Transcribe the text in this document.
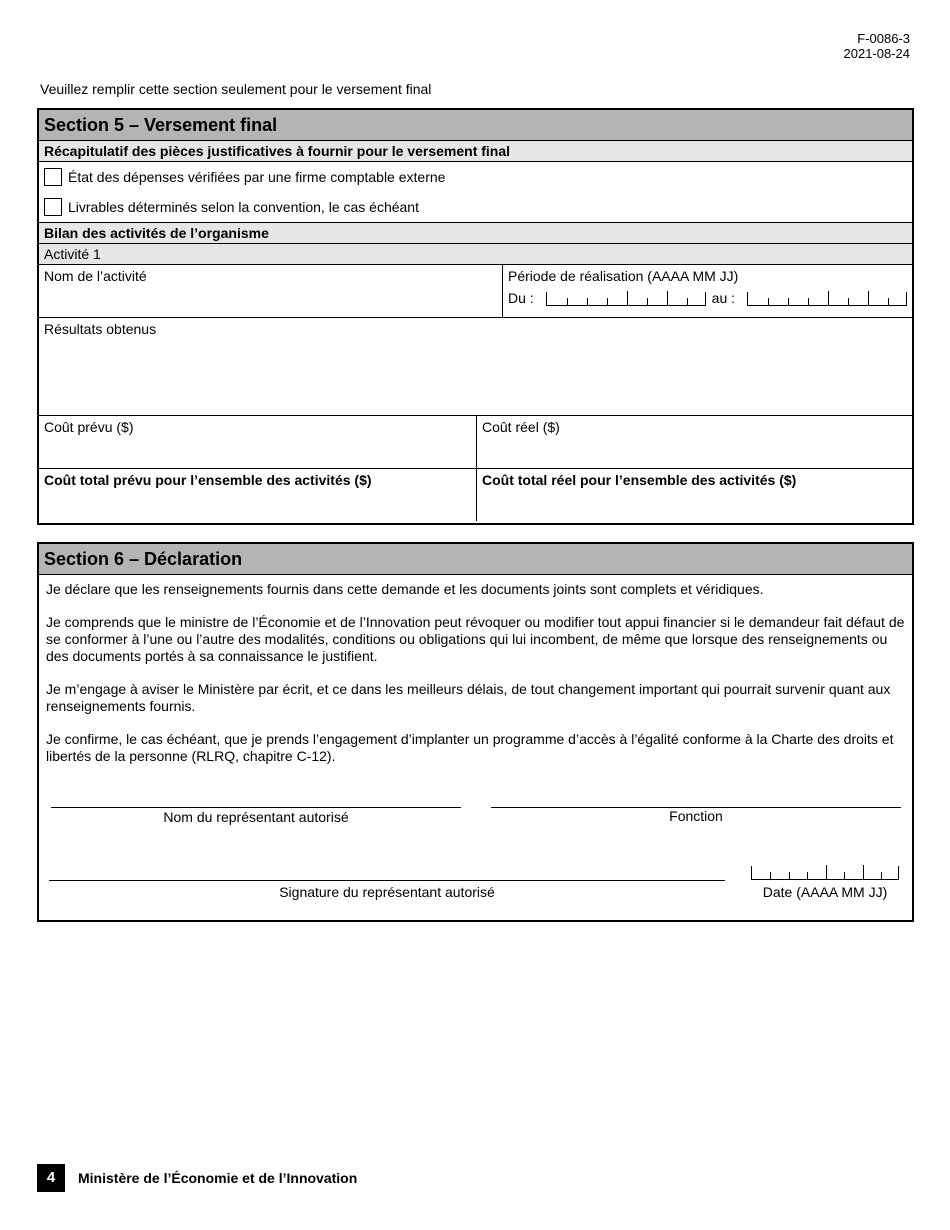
F-0086-3
2021-08-24
Veuillez remplir cette section seulement pour le versement final
Section 5 – Versement final
Récapitulatif des pièces justificatives à fournir pour le versement final
État des dépenses vérifiées par une firme comptable externe
Livrables déterminés selon la convention, le cas échéant
Bilan des activités de l’organisme
Activité 1
Nom de l’activité	Période de réalisation (AAAA MM JJ)
Du :	au :
Résultats obtenus
Coût prévu ($)	Coût réel ($)
Coût total prévu pour l’ensemble des activités ($)	Coût total réel pour l’ensemble des activités ($)
Section 6 – Déclaration

Je déclare que les renseignements fournis dans cette demande et les documents joints sont complets et véridiques.

Je comprends que le ministre de l’Économie et de l’Innovation peut révoquer ou modifier tout appui financier si le demandeur fait défaut de se conformer à l’une ou l’autre des modalités, conditions ou obligations qui lui incombent, de même que lorsque des renseignements ou des documents portés à sa connaissance le justifient.

Je m’engage à aviser le Ministère par écrit, et ce dans les meilleurs délais, de tout changement important qui pourrait survenir quant aux renseignements fournis.

Je confirme, le cas échéant, que je prends l’engagement d’implanter un programme d’accès à l’égalité conforme à la Charte des droits et libertés de la personne (RLRQ, chapitre C-12).

Nom du représentant autorisé	Fonction
Signature du représentant autorisé	Date (AAAA MM JJ)
4	Ministère de l’Économie et de l’Innovation
